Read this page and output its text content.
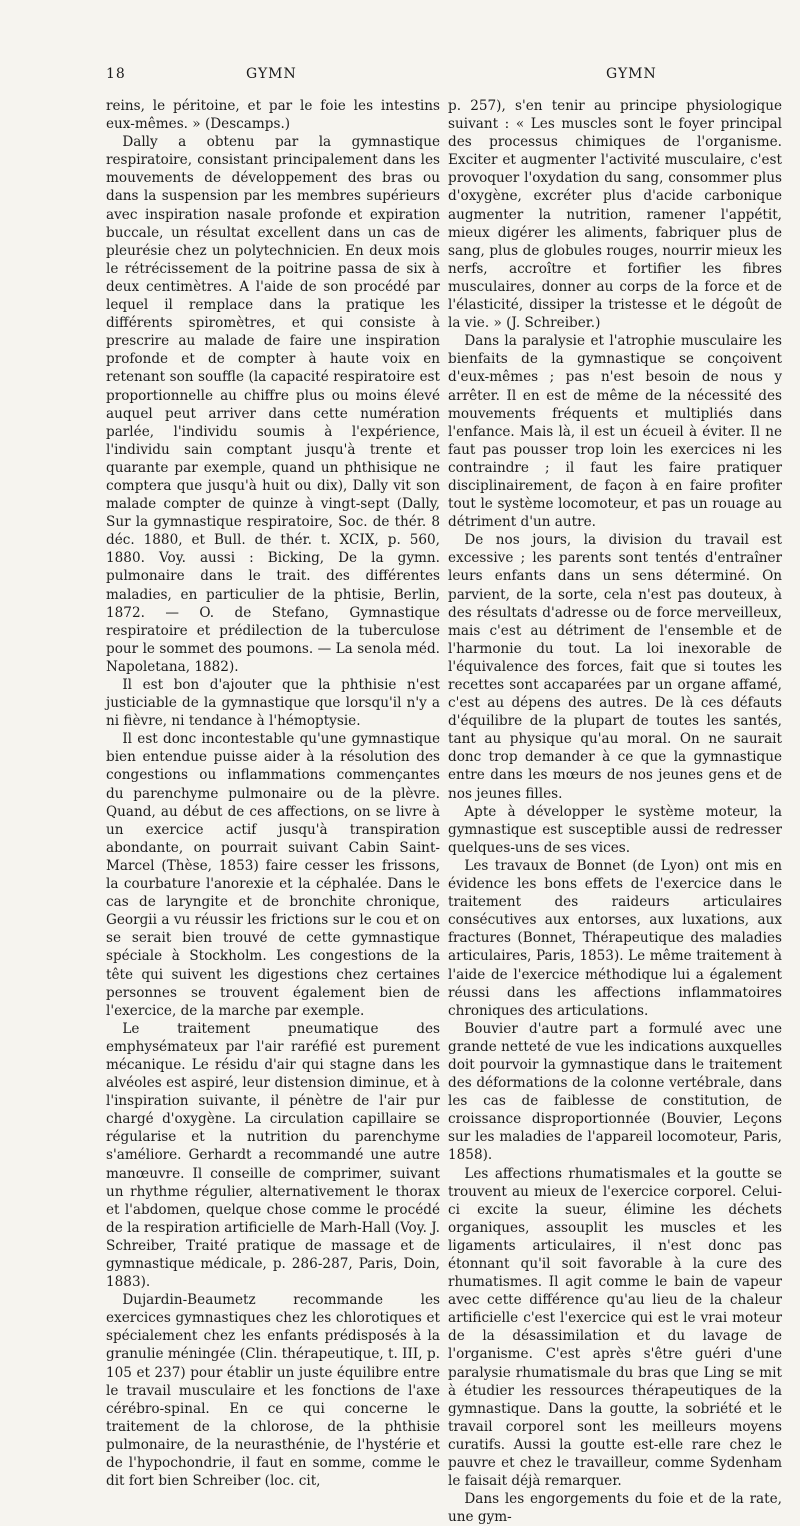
18	GYMN	GYMN

reins, le péritoine, et par le foie les intestins eux-mêmes. » (Descamps.)

Dally a obtenu par la gymnastique respiratoire, consistant principalement dans les mouvements de développement des bras ou dans la suspension par les membres supérieurs avec inspiration nasale profonde et expiration buccale, un résultat excellent dans un cas de pleurésie chez un polytechnicien. En deux mois le rétrécissement de la poitrine passa de six à deux centimètres. A l'aide de son procédé par lequel il remplace dans la pratique les différents spiromètres, et qui consiste à prescrire au malade de faire une inspiration profonde et de compter à haute voix en retenant son souffle (la capacité respiratoire est proportionnelle au chiffre plus ou moins élevé auquel peut arriver dans cette numération parlée, l'individu soumis à l'expérience, l'individu sain comptant jusqu'à trente et quarante par exemple, quand un phthisique ne comptera que jusqu'à huit ou dix), Dally vit son malade compter de quinze à vingt-sept (Dally, Sur la gymnastique respiratoire, Soc. de thér. 8 déc. 1880, et Bull. de thér. t. XCIX, p. 560, 1880. Voy. aussi : Bicking, De la gymn. pulmonaire dans le trait. des différentes maladies, en particulier de la phtisie, Berlin, 1872. — O. de Stefano, Gymnastique respiratoire et prédilection de la tuberculose pour le sommet des poumons. — La senola méd. Napoletana, 1882).

Il est bon d'ajouter que la phthisie n'est justiciable de la gymnastique que lorsqu'il n'y a ni fièvre, ni tendance à l'hémoptysie.

Il est donc incontestable qu'une gymnastique bien entendue puisse aider à la résolution des congestions ou inflammations commençantes du parenchyme pulmonaire ou de la plèvre. Quand, au début de ces affections, on se livre à un exercice actif jusqu'à transpiration abondante, on pourrait suivant Cabin Saint-Marcel (Thèse, 1853) faire cesser les frissons, la courbature l'anorexie et la céphalée. Dans le cas de laryngite et de bronchite chronique, Georgii a vu réussir les frictions sur le cou et on se serait bien trouvé de cette gymnastique spéciale à Stockholm. Les congestions de la tête qui suivent les digestions chez certaines personnes se trouvent également bien de l'exercice, de la marche par exemple.

Le traitement pneumatique des emphysémateux par l'air raréfié est purement mécanique. Le résidu d'air qui stagne dans les alvéoles est aspiré, leur distension diminue, et à l'inspiration suivante, il pénètre de l'air pur chargé d'oxygène. La circulation capillaire se régularise et la nutrition du parenchyme s'améliore. Gerhardt a recommandé une autre manœuvre. Il conseille de comprimer, suivant un rhythme régulier, alternativement le thorax et l'abdomen, quelque chose comme le procédé de la respiration artificielle de Marh-Hall (Voy. J. Schreiber, Traité pratique de massage et de gymnastique médicale, p. 286-287, Paris, Doin, 1883).

Dujardin-Beaumetz recommande les exercices gymnastiques chez les chlorotiques et spécialement chez les enfants prédisposés à la granulie méningée (Clin. thérapeutique, t. III, p. 105 et 237) pour établir un juste équilibre entre le travail musculaire et les fonctions de l'axe cérébro-spinal. En ce qui concerne le traitement de la chlorose, de la phthisie pulmonaire, de la neurasthénie, de l'hystérie et de l'hypochondrie, il faut en somme, comme le dit fort bien Schreiber (loc. cit,

p. 257), s'en tenir au principe physiologique suivant : « Les muscles sont le foyer principal des processus chimiques de l'organisme. Exciter et augmenter l'activité musculaire, c'est provoquer l'oxydation du sang, consommer plus d'oxygène, excréter plus d'acide carbonique augmenter la nutrition, ramener l'appétit, mieux digérer les aliments, fabriquer plus de sang, plus de globules rouges, nourrir mieux les nerfs, accroître et fortifier les fibres musculaires, donner au corps de la force et de l'élasticité, dissiper la tristesse et le dégoût de la vie. » (J. Schreiber.)

Dans la paralysie et l'atrophie musculaire les bienfaits de la gymnastique se conçoivent d'eux-mêmes ; pas n'est besoin de nous y arrêter. Il en est de même de la nécessité des mouvements fréquents et multipliés dans l'enfance. Mais là, il est un écueil à éviter. Il ne faut pas pousser trop loin les exercices ni les contraindre ; il faut les faire pratiquer disciplinairement, de façon à en faire profiter tout le système locomoteur, et pas un rouage au détriment d'un autre.

De nos jours, la division du travail est excessive ; les parents sont tentés d'entraîner leurs enfants dans un sens déterminé. On parvient, de la sorte, cela n'est pas douteux, à des résultats d'adresse ou de force merveilleux, mais c'est au détriment de l'ensemble et de l'harmonie du tout. La loi inexorable de l'équivalence des forces, fait que si toutes les recettes sont accaparées par un organe affamé, c'est au dépens des autres. De là ces défauts d'équilibre de la plupart de toutes les santés, tant au physique qu'au moral. On ne saurait donc trop demander à ce que la gymnastique entre dans les mœurs de nos jeunes gens et de nos jeunes filles.

Apte à développer le système moteur, la gymnastique est susceptible aussi de redresser quelques-uns de ses vices.

Les travaux de Bonnet (de Lyon) ont mis en évidence les bons effets de l'exercice dans le traitement des raideurs articulaires consécutives aux entorses, aux luxations, aux fractures (Bonnet, Thérapeutique des maladies articulaires, Paris, 1853). Le même traitement à l'aide de l'exercice méthodique lui a également réussi dans les affections inflammatoires chroniques des articulations.

Bouvier d'autre part a formulé avec une grande netteté de vue les indications auxquelles doit pourvoir la gymnastique dans le traitement des déformations de la colonne vertébrale, dans les cas de faiblesse de constitution, de croissance disproportionnée (Bouvier, Leçons sur les maladies de l'appareil locomoteur, Paris, 1858).

Les affections rhumatismales et la goutte se trouvent au mieux de l'exercice corporel. Celui-ci excite la sueur, élimine les déchets organiques, assouplit les muscles et les ligaments articulaires, il n'est donc pas étonnant qu'il soit favorable à la cure des rhumatismes. Il agit comme le bain de vapeur avec cette différence qu'au lieu de la chaleur artificielle c'est l'exercice qui est le vrai moteur de la désassimilation et du lavage de l'organisme. C'est après s'être guéri d'une paralysie rhumatismale du bras que Ling se mit à étudier les ressources thérapeutiques de la gymnastique. Dans la goutte, la sobriété et le travail corporel sont les meilleurs moyens curatifs. Aussi la goutte est-elle rare chez le pauvre et chez le travailleur, comme Sydenham le faisait déjà remarquer.

Dans les engorgements du foie et de la rate, une gym-
